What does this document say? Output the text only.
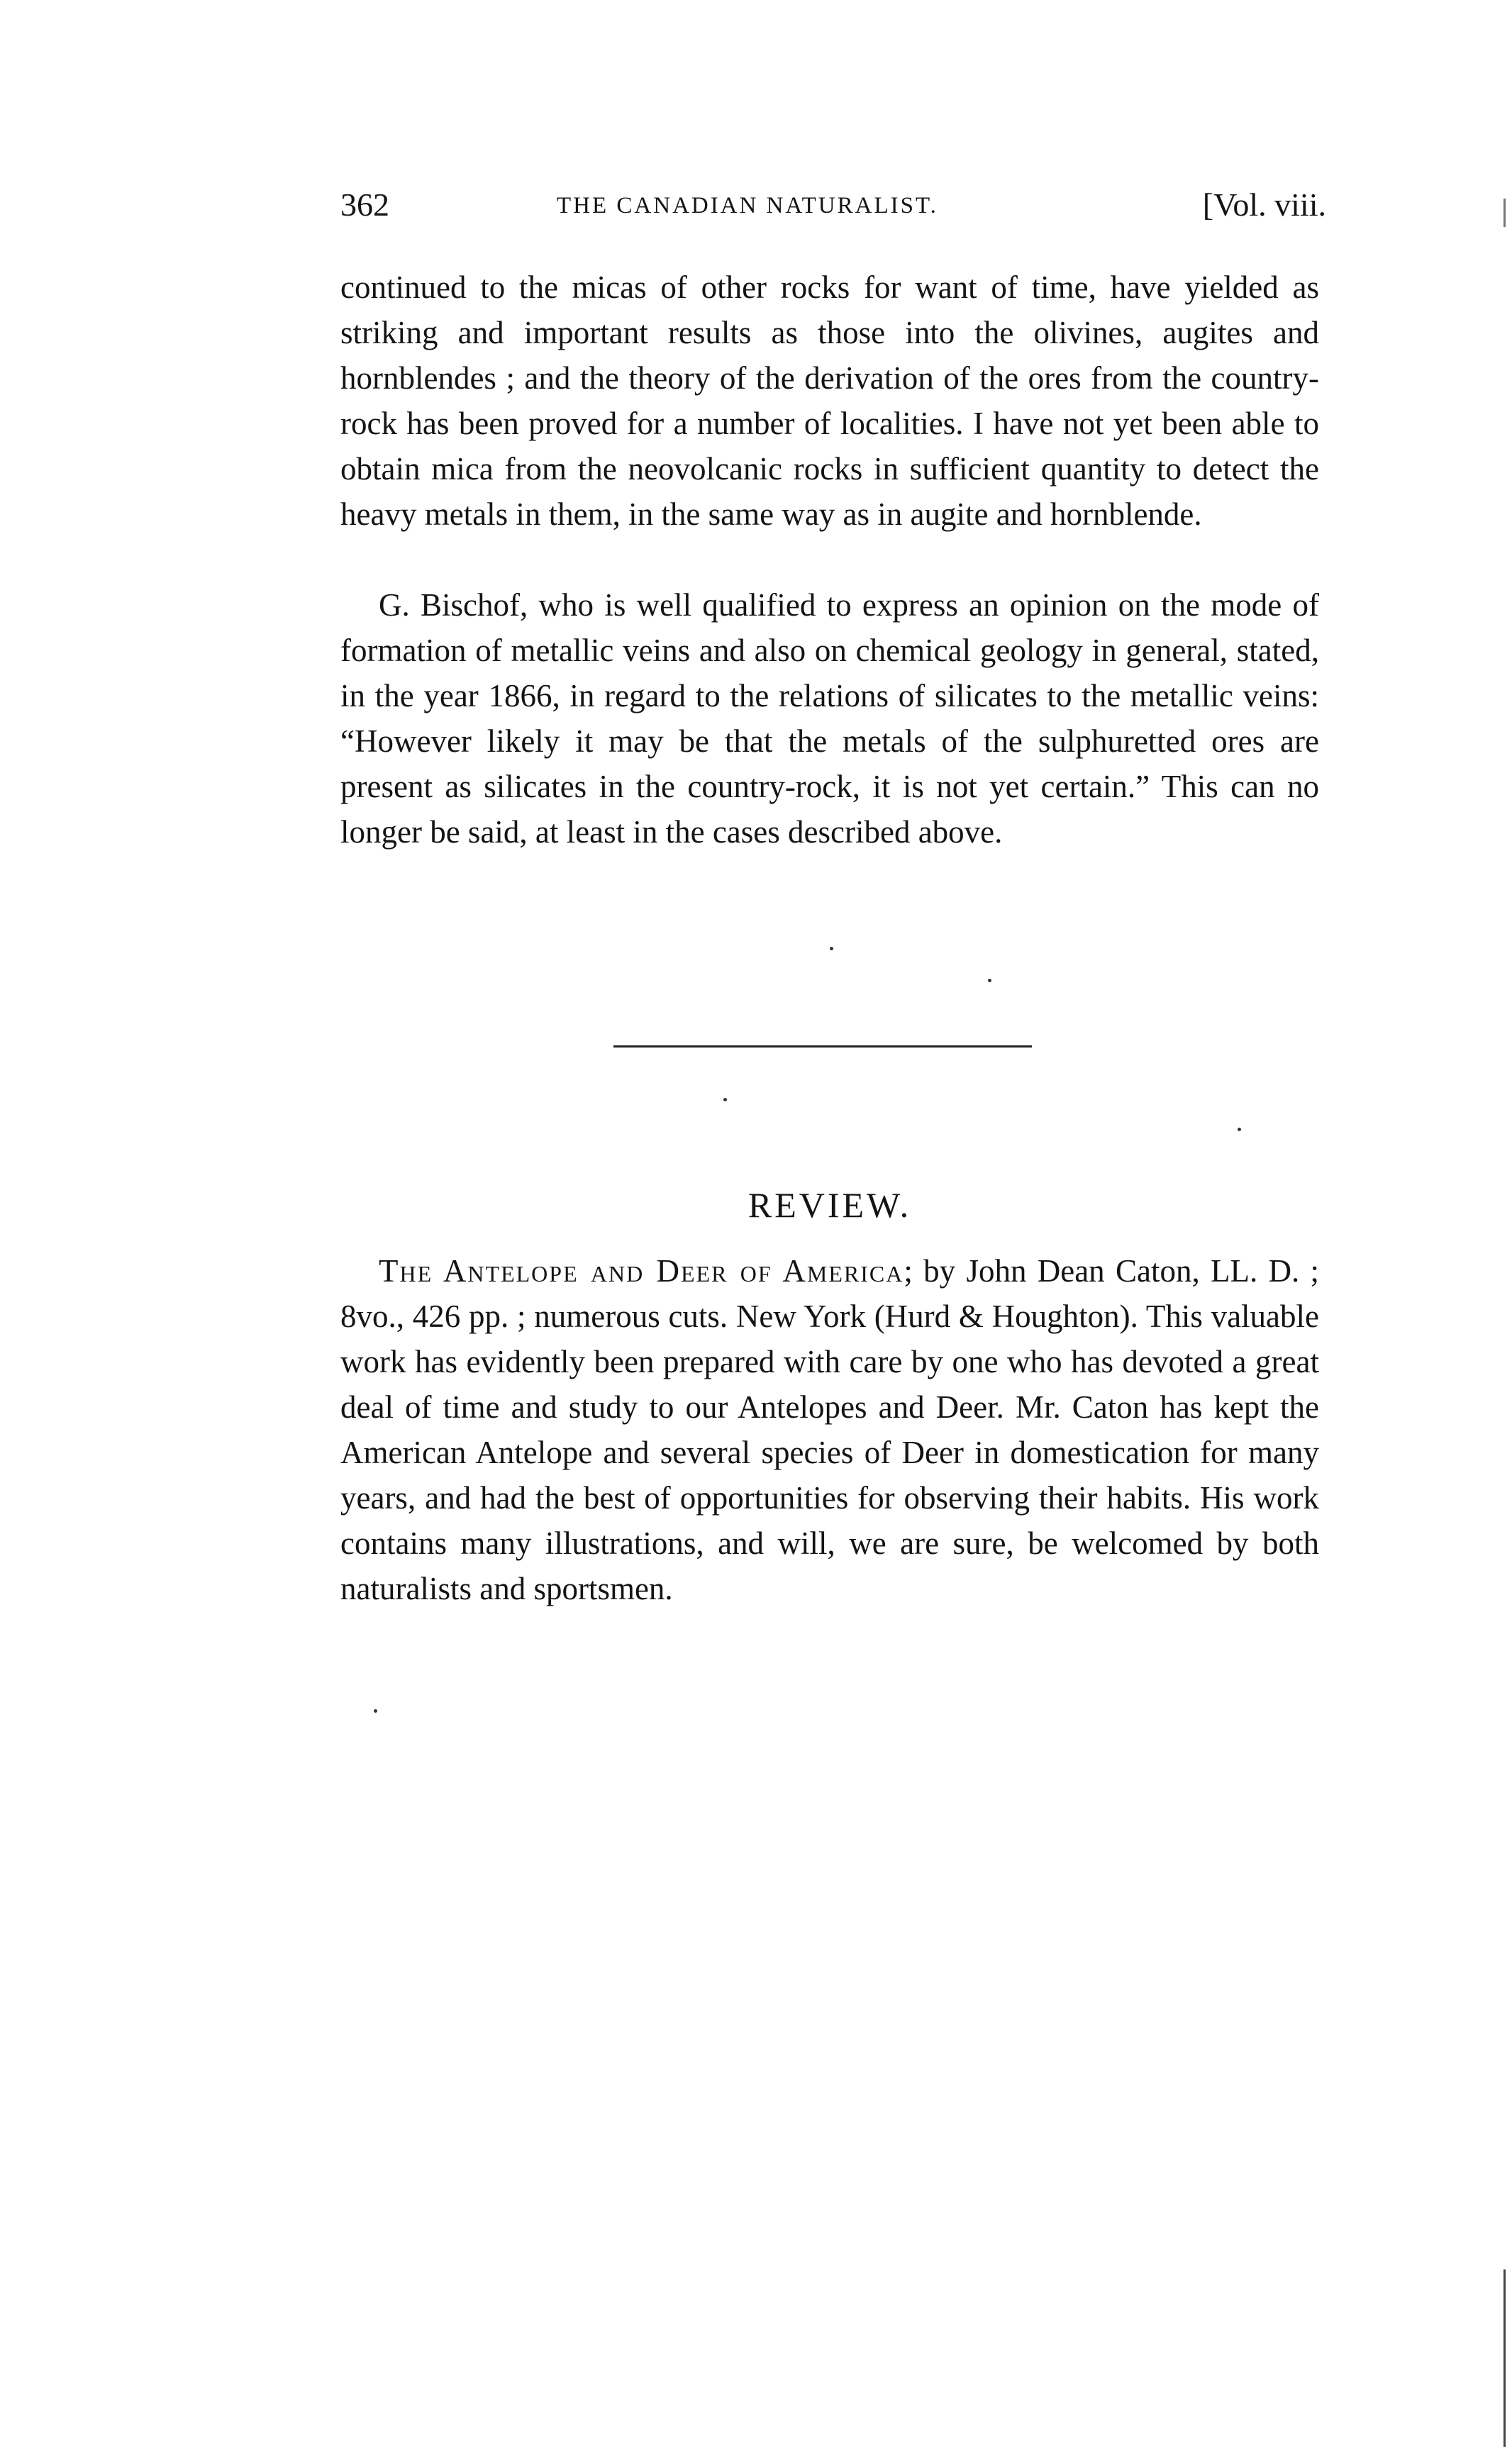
362	THE CANADIAN NATURALIST.	[Vol. viii.

continued to the micas of other rocks for want of time, have yielded as striking and important results as those into the olivines, augites and hornblendes ; and the theory of the derivation of the ores from the country-rock has been proved for a number of localities. I have not yet been able to obtain mica from the neovolcanic rocks in sufficient quantity to detect the heavy metals in them, in the same way as in augite and hornblende.

G. Bischof, who is well qualified to express an opinion on the mode of formation of metallic veins and also on chemical geology in general, stated, in the year 1866, in regard to the relations of silicates to the metallic veins: “However likely it may be that the metals of the sulphuretted ores are present as silicates in the country-rock, it is not yet certain.” This can no longer be said, at least in the cases described above.

REVIEW.

The Antelope and Deer of America; by John Dean Caton, LL. D. ; 8vo., 426 pp. ; numerous cuts. New York (Hurd & Houghton). This valuable work has evidently been prepared with care by one who has devoted a great deal of time and study to our Antelopes and Deer. Mr. Caton has kept the American Antelope and several species of Deer in domestication for many years, and had the best of opportunities for observing their habits. His work contains many illustrations, and will, we are sure, be welcomed by both naturalists and sportsmen.
